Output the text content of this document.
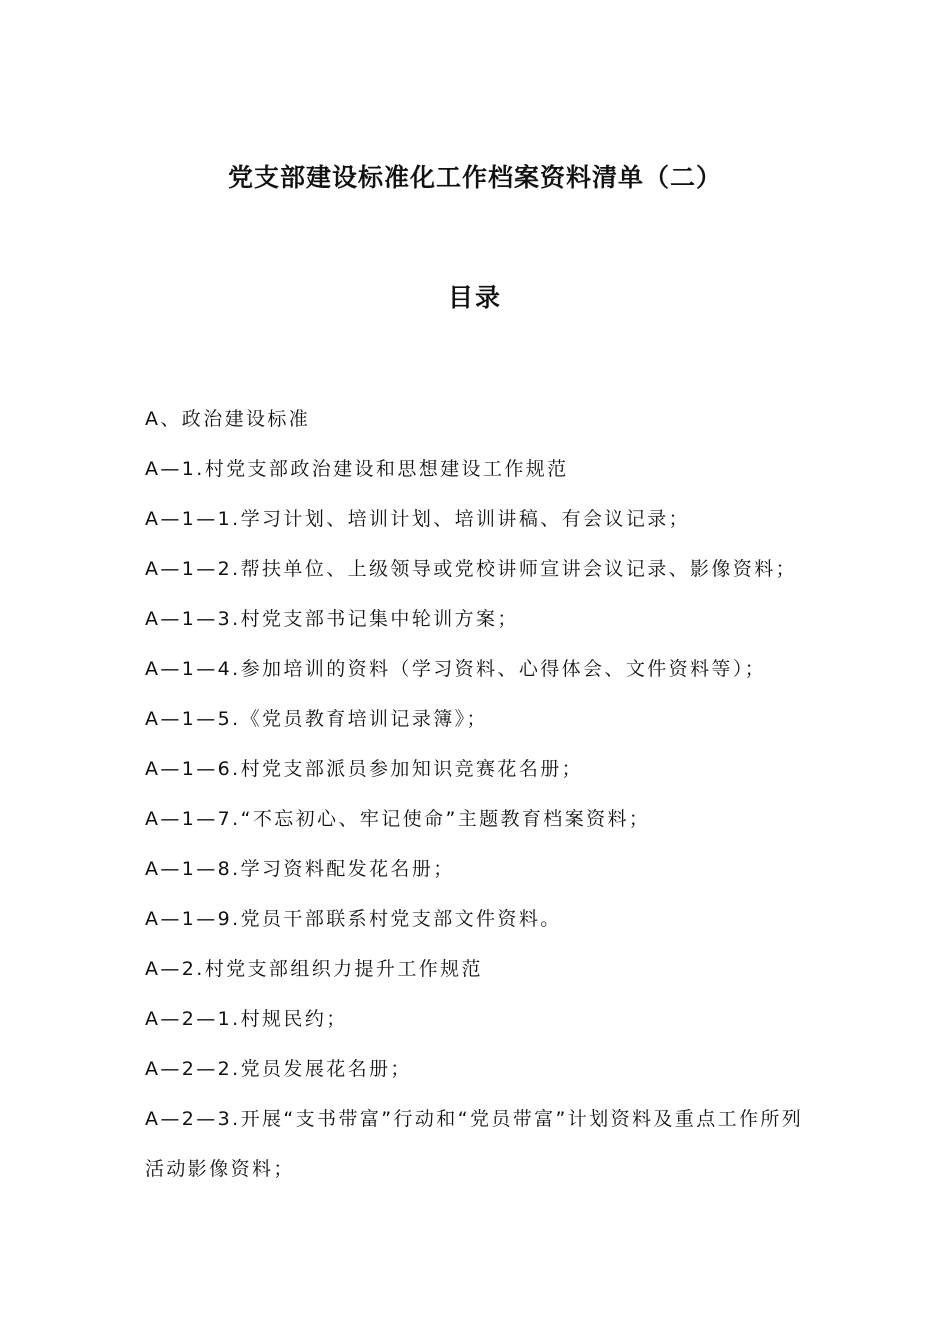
党支部建设标准化工作档案资料清单（二）
目录
A、政治建设标准
A—1.村党支部政治建设和思想建设工作规范
A—1—1.学习计划、培训计划、培训讲稿、有会议记录；
A—1—2.帮扶单位、上级领导或党校讲师宣讲会议记录、影像资料；
A—1—3.村党支部书记集中轮训方案；
A—1—4.参加培训的资料（学习资料、心得体会、文件资料等）；
A—1—5.《党员教育培训记录簿》；
A—1—6.村党支部派员参加知识竞赛花名册；
A—1—7.“不忘初心、牢记使命”主题教育档案资料；
A—1—8.学习资料配发花名册；
A—1—9.党员干部联系村党支部文件资料。
A—2.村党支部组织力提升工作规范
A—2—1.村规民约；
A—2—2.党员发展花名册；
A—2—3.开展“支书带富”行动和“党员带富”计划资料及重点工作所列活动影像资料；
